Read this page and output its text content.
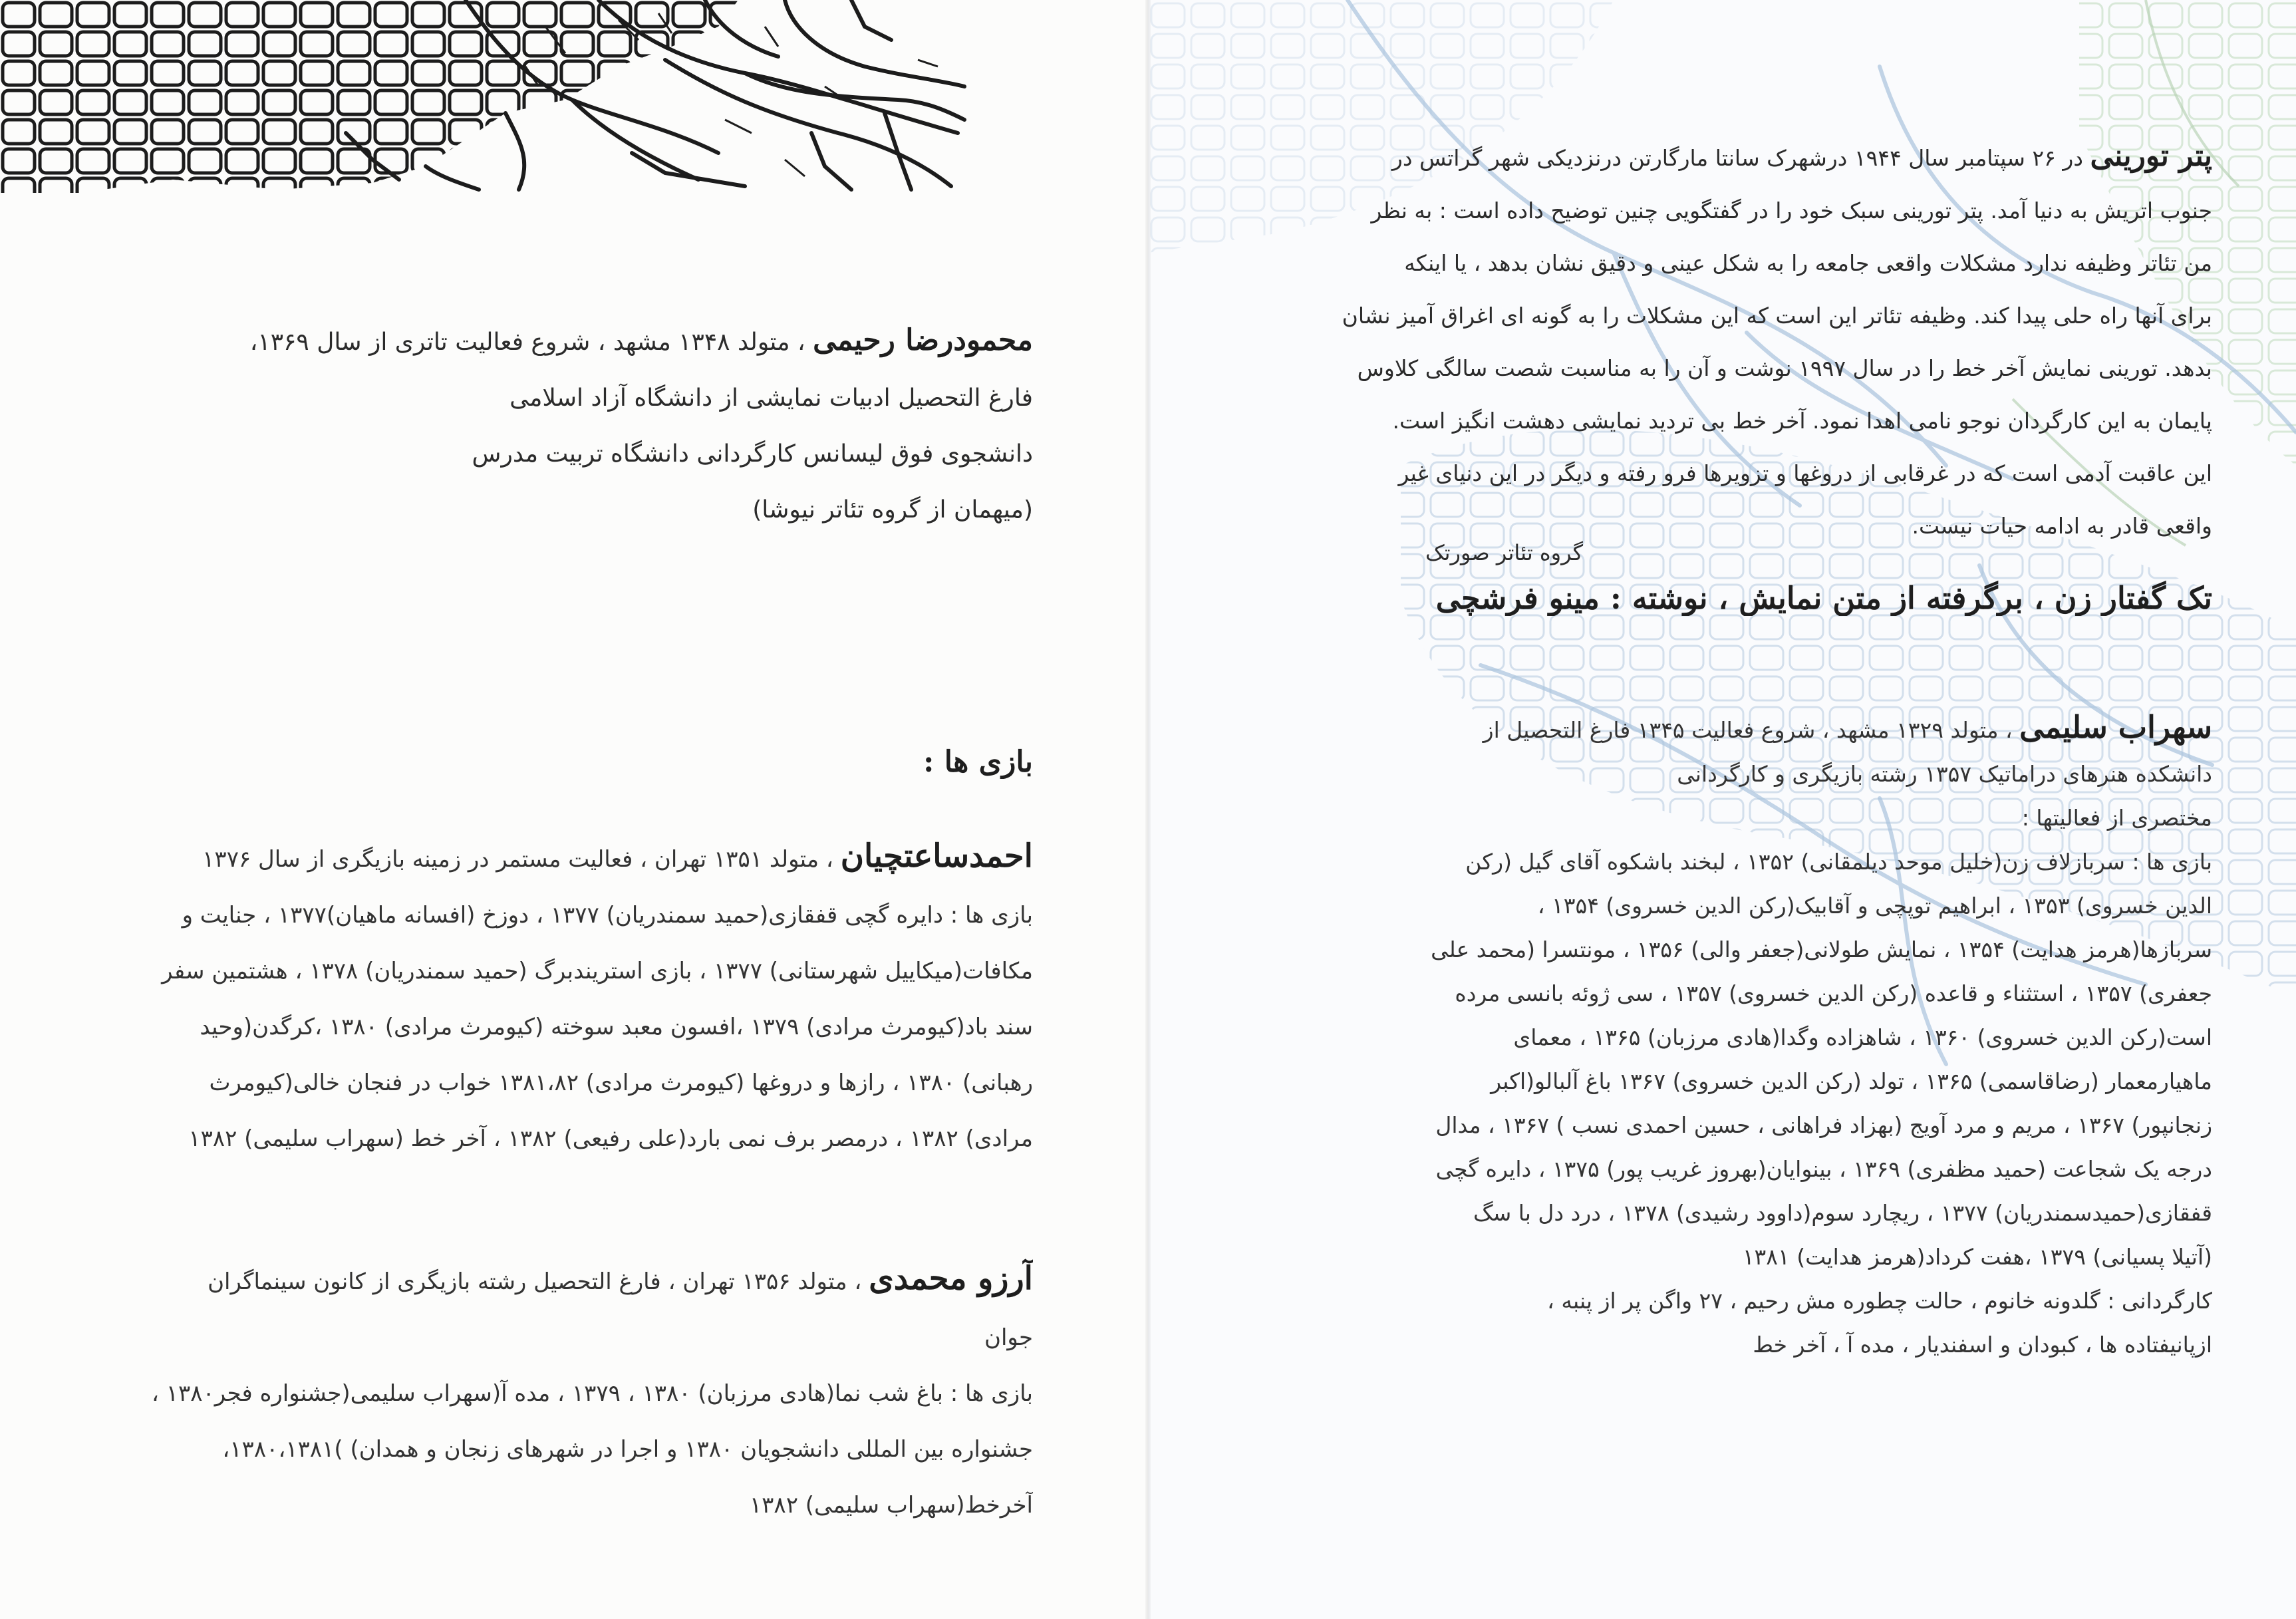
محمودرضا رحیمی ، متولد ۱۳۴۸ مشهد ، شروع فعالیت تاتری از سال ۱۳۶۹،
فارغ التحصیل ادبیات نمایشی از دانشگاه آزاد اسلامی
دانشجوی فوق لیسانس کارگردانی دانشگاه تربیت مدرس
(میهمان از گروه تئاتر نیوشا)
بازی ها :
احمدساعتچیان ، متولد ۱۳۵۱ تهران ، فعالیت مستمر در زمینه بازیگری از سال ۱۳۷۶
بازی ها : دایره گچی قفقازی(حمید سمندریان) ۱۳۷۷ ، دوزخ (افسانه ماهیان)۱۳۷۷ ، جنایت و
مکافات(میکاییل شهرستانی) ۱۳۷۷ ، بازی استریندبرگ (حمید سمندریان) ۱۳۷۸ ، هشتمین سفر
سند باد(کیومرث مرادی) ۱۳۷۹ ،افسون معبد سوخته (کیومرث مرادی) ۱۳۸۰ ،کرگدن(وحید
رهبانی) ۱۳۸۰ ، رازها و دروغها (کیومرث مرادی) ۱۳۸۱،۸۲ خواب در فنجان خالی(کیومرث
مرادی) ۱۳۸۲ ، درمصر برف نمی بارد(علی رفیعی) ۱۳۸۲ ، آخر خط (سهراب سلیمی) ۱۳۸۲
آرزو محمدی ، متولد ۱۳۵۶ تهران ، فارغ التحصیل رشته بازیگری از کانون سینماگران
جوان
بازی ها : باغ شب نما(هادی مرزبان) ۱۳۸۰ ، ۱۳۷۹ ، مده آ(سهراب سلیمی(جشنواره فجر۱۳۸۰ ،
جشنواره بین المللی دانشجویان ۱۳۸۰ و اجرا در شهرهای زنجان و همدان) )۱۳۸۰،۱۳۸۱،
آخرخط(سهراب سلیمی) ۱۳۸۲
پتر تورینی در ۲۶ سپتامبر سال ۱۹۴۴ درشهرک سانتا مارگارتن درنزدیکی شهر گراتس در
جنوب اتریش به دنیا آمد. پتر تورینی سبک خود را در گفتگویی چنین توضیح داده است : به نظر
من تئاتر وظیفه ندارد مشکلات واقعی جامعه را به شکل عینی و دقیق نشان بدهد ، یا اینکه
برای آنها راه حلی پیدا کند. وظیفه تئاتر این است که این مشکلات را به گونه ای اغراق آمیز نشان
بدهد. تورینی نمایش آخر خط را در سال ۱۹۹۷ نوشت و آن را به مناسبت شصت سالگی کلاوس
پایمان به این کارگردان نوجو نامی اهدا نمود. آخر خط بی تردید نمایشی دهشت انگیز است.
این عاقبت آدمی است که در غرقابی از دروغها و تزویرها فرو رفته و دیگر در این دنیای غیر
واقعی قادر به ادامه حیات نیست.
گروه تئاتر صورتک
تک گفتار زن ، برگرفته از متن نمایش ، نوشته : مینو فرشچی
سهراب سلیمی ، متولد ۱۳۲۹ مشهد ، شروع فعالیت ۱۳۴۵ فارغ التحصیل از
دانشکده هنرهای دراماتیک ۱۳۵۷ رشته بازیگری و کارگردانی
مختصری از فعالیتها :
بازی ها : سربازلاف زن(خلیل موحد دیلمقانی) ۱۳۵۲ ، لبخند باشکوه آقای گیل (رکن
الدین خسروی) ۱۳۵۳ ، ابراهیم توپچی و آقابیک(رکن الدین خسروی) ۱۳۵۴ ،
سربازها(هرمز هدایت) ۱۳۵۴ ، نمایش طولانی(جعفر والی) ۱۳۵۶ ، مونتسرا (محمد علی
جعفری) ۱۳۵۷ ، استثناء و قاعده (رکن الدین خسروی) ۱۳۵۷ ، سی ژوئه بانسی مرده
است(رکن الدین خسروی) ۱۳۶۰ ، شاهزاده وگدا(هادی مرزبان) ۱۳۶۵ ، معمای
ماهیارمعمار (رضاقاسمی) ۱۳۶۵ ، تولد (رکن الدین خسروی) ۱۳۶۷ باغ آلبالو(اکبر
زنجانپور) ۱۳۶۷ ، مریم و مرد آویج (بهزاد فراهانی ، حسین احمدی نسب ) ۱۳۶۷ ، مدال
درجه یک شجاعت (حمید مظفری) ۱۳۶۹ ، بینوایان(بهروز غریب پور) ۱۳۷۵ ، دایره گچی
قفقازی(حمیدسمندریان) ۱۳۷۷ ، ریچارد سوم(داوود رشیدی) ۱۳۷۸ ، درد دل با سگ
(آتیلا پسیانی) ۱۳۷۹ ،هفت کرداد(هرمز هدایت) ۱۳۸۱
کارگردانی : گلدونه خانوم ، حالت چطوره مش رحیم ، ۲۷ واگن پر از پنبه ،
ازپانیفتاده ها ، کبودان و اسفندیار ، مده آ ، آخر خط
